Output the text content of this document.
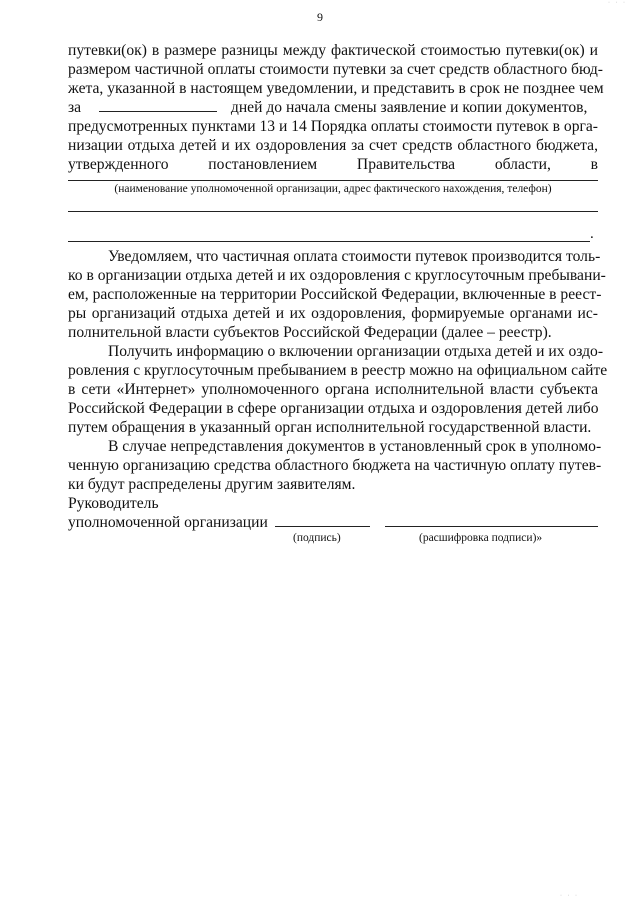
· · ·
9
путевки(ок) в размере разницы между фактической стоимостью путевки(ок) и
размером частичной оплаты стоимости путевки за счет средств областного бюд-
жета, указанной в настоящем уведомлении, и представить в срок не позднее чем
за	дней до начала смены заявление и копии документов,
предусмотренных пунктами 13 и 14 Порядка оплаты стоимости путевок в орга-
низации отдыха детей и их оздоровления за счет средств областного бюджета,
утвержденного постановлением Правительства области, в
(наименование уполномоченной организации, адрес фактического нахождения, телефон)
.
Уведомляем, что частичная оплата стоимости путевок производится толь-
ко в организации отдыха детей и их оздоровления с круглосуточным пребывани-
ем, расположенные на территории Российской Федерации, включенные в реест-
ры организаций отдыха детей и их оздоровления, формируемые органами ис-
полнительной власти субъектов Российской Федерации (далее – реестр).
Получить информацию о включении организации отдыха детей и их оздо-
ровления с круглосуточным пребыванием в реестр можно на официальном сайте
в сети «Интернет» уполномоченного органа исполнительной власти субъекта
Российской Федерации в сфере организации отдыха и оздоровления детей либо
путем обращения в указанный орган исполнительной государственной власти.
В случае непредставления документов в установленный срок в уполномо-
ченную организацию средства областного бюджета на частичную оплату путев-
ки будут распределены другим заявителям.
Руководитель
уполномоченной организации
(подпись)	(расшифровка подписи)»
· · ·
